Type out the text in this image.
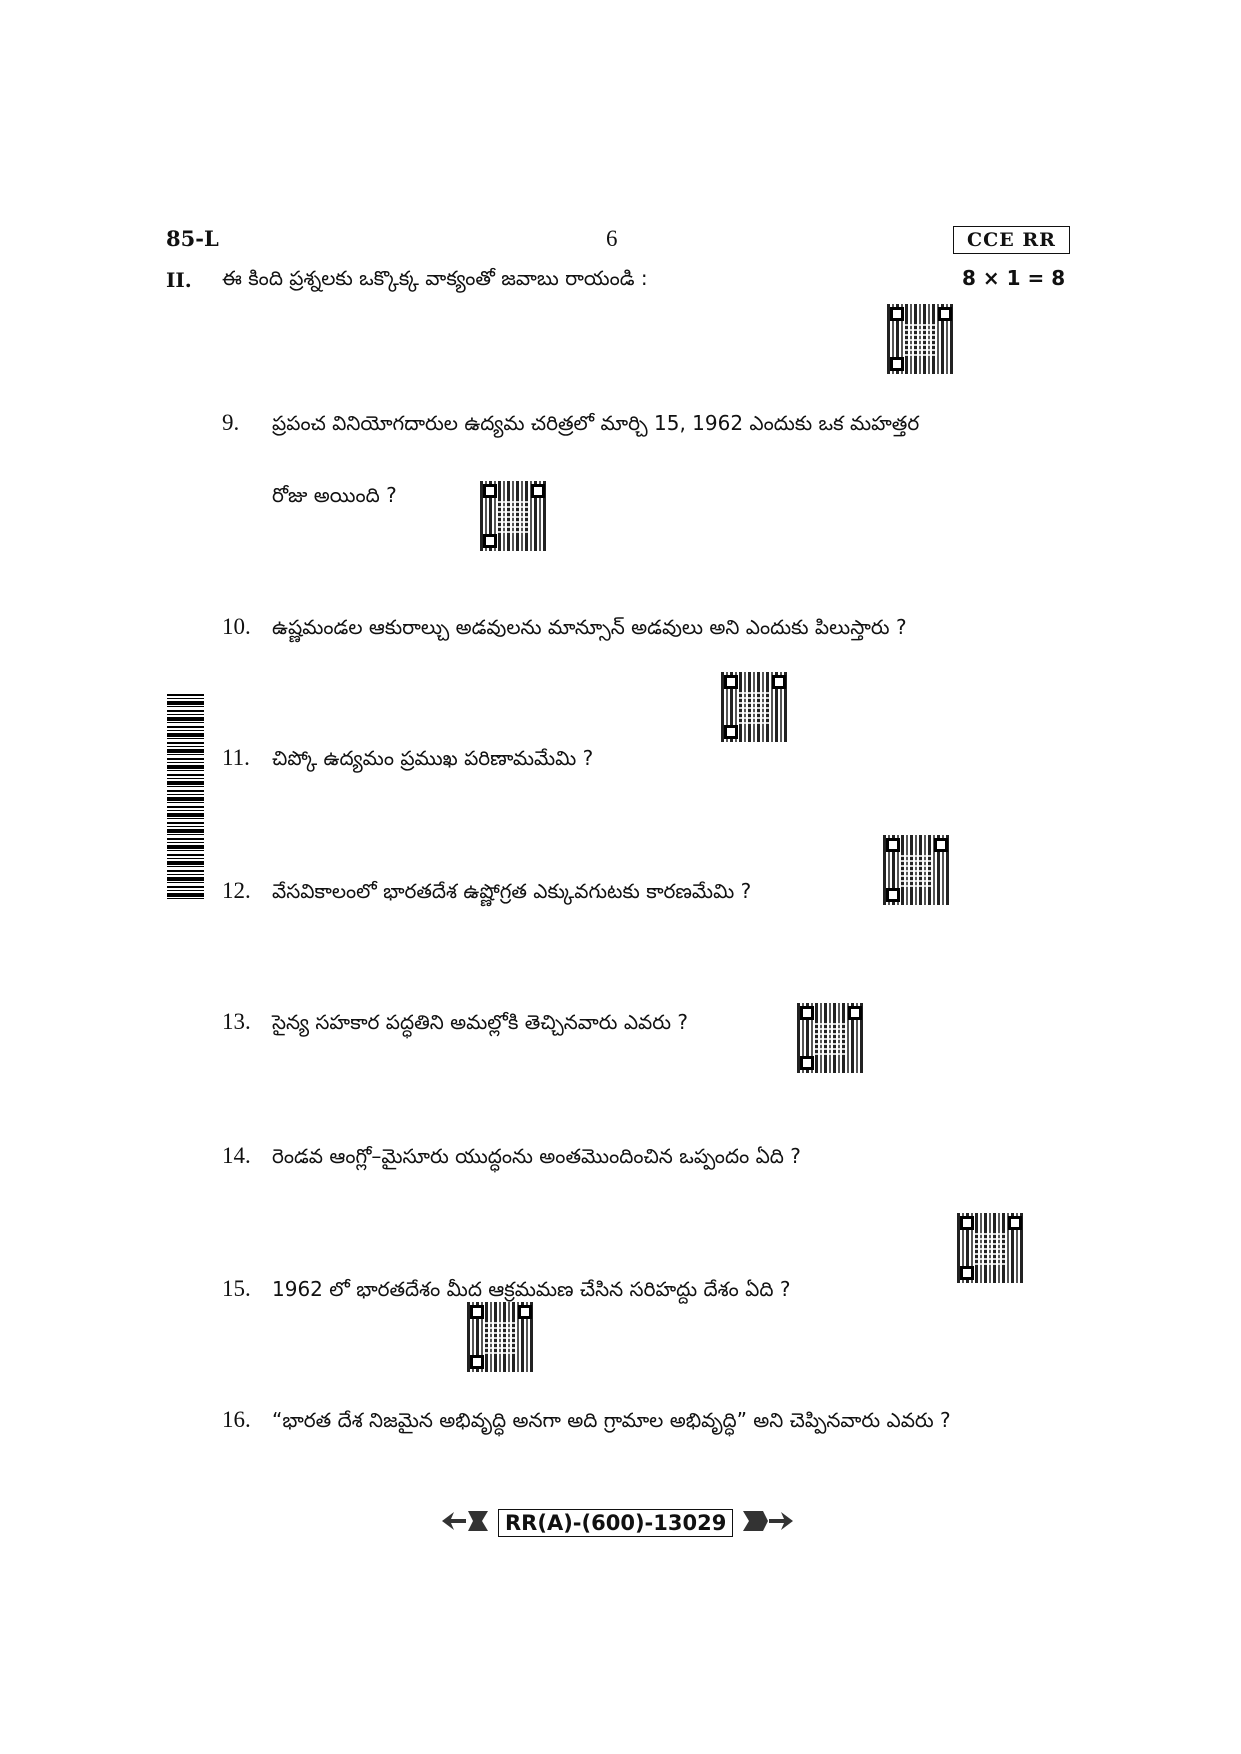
85-L	6	CCE RR
II. ఈ కింది ప్రశ్నలకు ఒక్కొక్క వాక్యంతో జవాబు రాయండి :	8 × 1 = 8
9. ప్రపంచ వినియోగదారుల ఉద్యమ చరిత్రలో మార్చి 15, 1962 ఎందుకు ఒక మహత్తర
రోజు అయింది ?
10. ఉష్ణమండల ఆకురాల్చు అడవులను మాన్సూన్ అడవులు అని ఎందుకు పిలుస్తారు ?
11. చిప్కో ఉద్యమం ప్రముఖ పరిణామమేమి ?
12. వేసవికాలంలో భారతదేశ ఉష్ణోగ్రత ఎక్కువగుటకు కారణమేమి ?
13. సైన్య సహకార పద్ధతిని అమల్లోకి తెచ్చినవారు ఎవరు ?
14. రెండవ ఆంగ్లో–మైసూరు యుద్ధంను అంతమొందించిన ఒప్పందం ఏది ?
15. 1962 లో భారతదేశం మీద ఆక్రమమణ చేసిన సరిహద్దు దేశం ఏది ?
16. “భారత దేశ నిజమైన అభివృద్ధి అనగా అది గ్రామాల అభివృద్ధి” అని చెప్పినవారు ఎవరు ?
RR(A)-(600)-13029
